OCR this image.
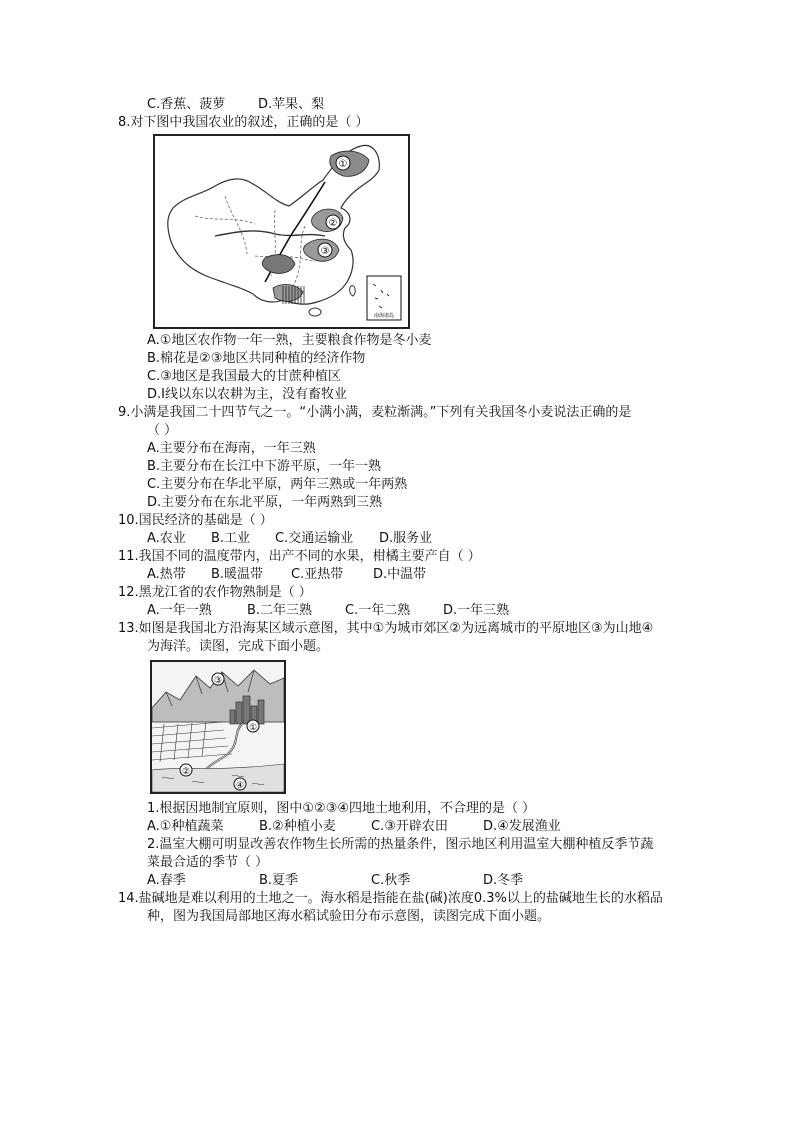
C.香蕉、菠萝	D.苹果、梨
8.对下图中我国农业的叙述，正确的是（ ）
①
②
③
南海诸岛
A.①地区农作物一年一熟，主要粮食作物是冬小麦
B.棉花是②③地区共同种植的经济作物
C.③地区是我国最大的甘蔗种植区
D.I线以东以农耕为主，没有畜牧业
9.小满是我国二十四节气之一。“小满小满，麦粒渐满。”下列有关我国冬小麦说法正确的是
（ ）
A.主要分布在海南，一年三熟
B.主要分布在长江中下游平原，一年一熟
C.主要分布在华北平原，两年三熟或一年两熟
D.主要分布在东北平原，一年两熟到三熟
10.国民经济的基础是（ ）
A.农业 B.工业 C.交通运输业 D.服务业
11.我国不同的温度带内，出产不同的水果，柑橘主要产自（ ）
A.热带 B.暖温带 C.亚热带 D.中温带
12.黑龙江省的农作物熟制是（ ）
A.一年一熟	B.二年三熟	C.一年二熟	D.一年三熟
13.如图是我国北方沿海某区域示意图，其中①为城市郊区②为远离城市的平原地区③为山地④
为海洋。读图，完成下面小题。
③
①
②
④
1.根据因地制宜原则，图中①②③④四地土地利用，不合理的是（ ）
A.①种植蔬菜	B.②种植小麦	C.③开辟农田	D.④发展渔业
2.温室大棚可明显改善农作物生长所需的热量条件，图示地区利用温室大棚种植反季节蔬
菜最合适的季节（ ）
A.春季	B.夏季	C.秋季	D.冬季
14.盐碱地是难以利用的土地之一。海水稻是指能在盐(碱)浓度0.3%以上的盐碱地生长的水稻品
种，图为我国局部地区海水稻试验田分布示意图，读图完成下面小题。
